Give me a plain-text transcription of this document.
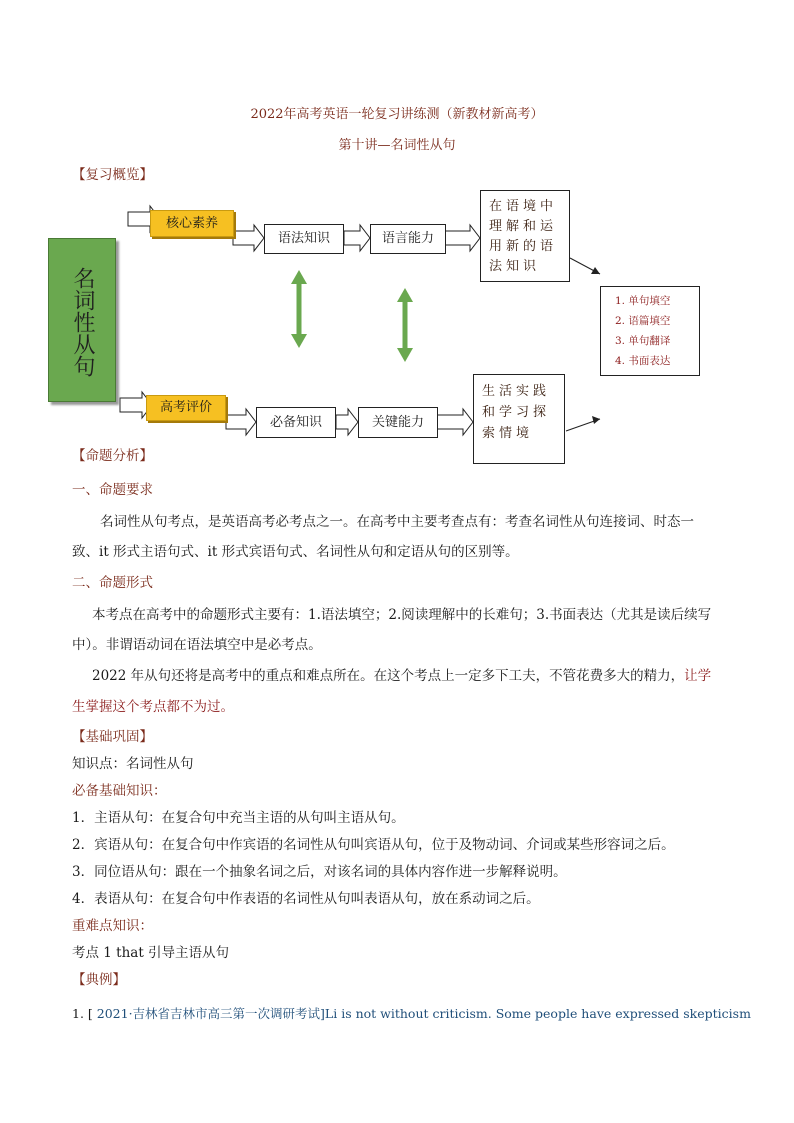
2022年高考英语一轮复习讲练测（新教材新高考）
第十讲—名词性从句
【复习概览】
名词性从句
核心素养
语法知识	语言能力
在语境中理解和运用新的语法知识
高考评价
必备知识	关键能力
生活实践和学习探索情境
1. 单句填空
2. 语篇填空
3. 单句翻译
4. 书面表达
【命题分析】
一、命题要求
名词性从句考点，是英语高考必考点之一。在高考中主要考查点有：考查名词性从句连接词、时态一
致、it 形式主语句式、it 形式宾语句式、名词性从句和定语从句的区别等。
二、命题形式
本考点在高考中的命题形式主要有：1.语法填空；2.阅读理解中的长难句；3.书面表达（尤其是读后续写
中）。非谓语动词在语法填空中是必考点。
2022 年从句还将是高考中的重点和难点所在。在这个考点上一定多下工夫，不管花费多大的精力，让学
生掌握这个考点都不为过。
【基础巩固】
知识点：名词性从句
必备基础知识：
1．主语从句：在复合句中充当主语的从句叫主语从句。
2．宾语从句：在复合句中作宾语的名词性从句叫宾语从句，位于及物动词、介词或某些形容词之后。
3．同位语从句：跟在一个抽象名词之后，对该名词的具体内容作进一步解释说明。
4．表语从句：在复合句中作表语的名词性从句叫表语从句，放在系动词之后。
重难点知识：
考点 1 that 引导主语从句
【典例】
1. [ 2021·吉林省吉林市高三第一次调研考试]Li is not without criticism. Some people have expressed skepticism
